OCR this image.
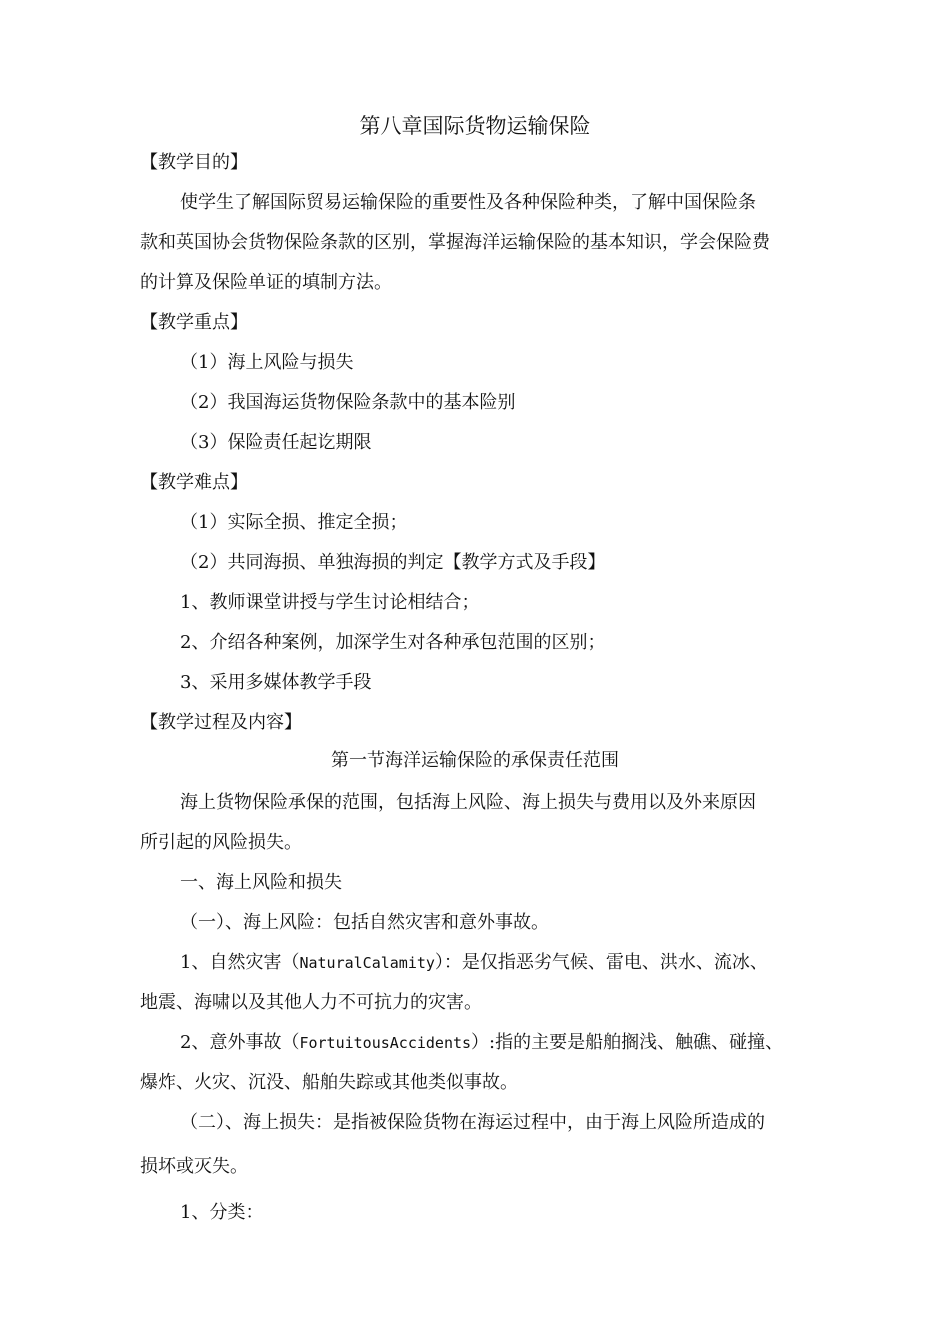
第八章国际货物运输保险
【教学目的】
使学生了解国际贸易运输保险的重要性及各种保险种类，了解中国保险条
款和英国协会货物保险条款的区别，掌握海洋运输保险的基本知识，学会保险费
的计算及保险单证的填制方法。
【教学重点】
（1）海上风险与损失
（2）我国海运货物保险条款中的基本险别
（3）保险责任起讫期限
【教学难点】
（1）实际全损、推定全损；
（2）共同海损、单独海损的判定【教学方式及手段】
1、教师课堂讲授与学生讨论相结合；
2、介绍各种案例，加深学生对各种承包范围的区别；
3、采用多媒体教学手段
【教学过程及内容】
第一节海洋运输保险的承保责任范围
海上货物保险承保的范围，包括海上风险、海上损失与费用以及外来原因
所引起的风险损失。
一、海上风险和损失
（一）、海上风险：包括自然灾害和意外事故。
1、自然灾害（NaturalCalamity）：是仅指恶劣气候、雷电、洪水、流冰、
地震、海啸以及其他人力不可抗力的灾害。
2、意外事故（FortuitousAccidents）:指的主要是船舶搁浅、触礁、碰撞、
爆炸、火灾、沉没、船舶失踪或其他类似事故。
（二）、海上损失：是指被保险货物在海运过程中，由于海上风险所造成的
损坏或灭失。
1、分类：
